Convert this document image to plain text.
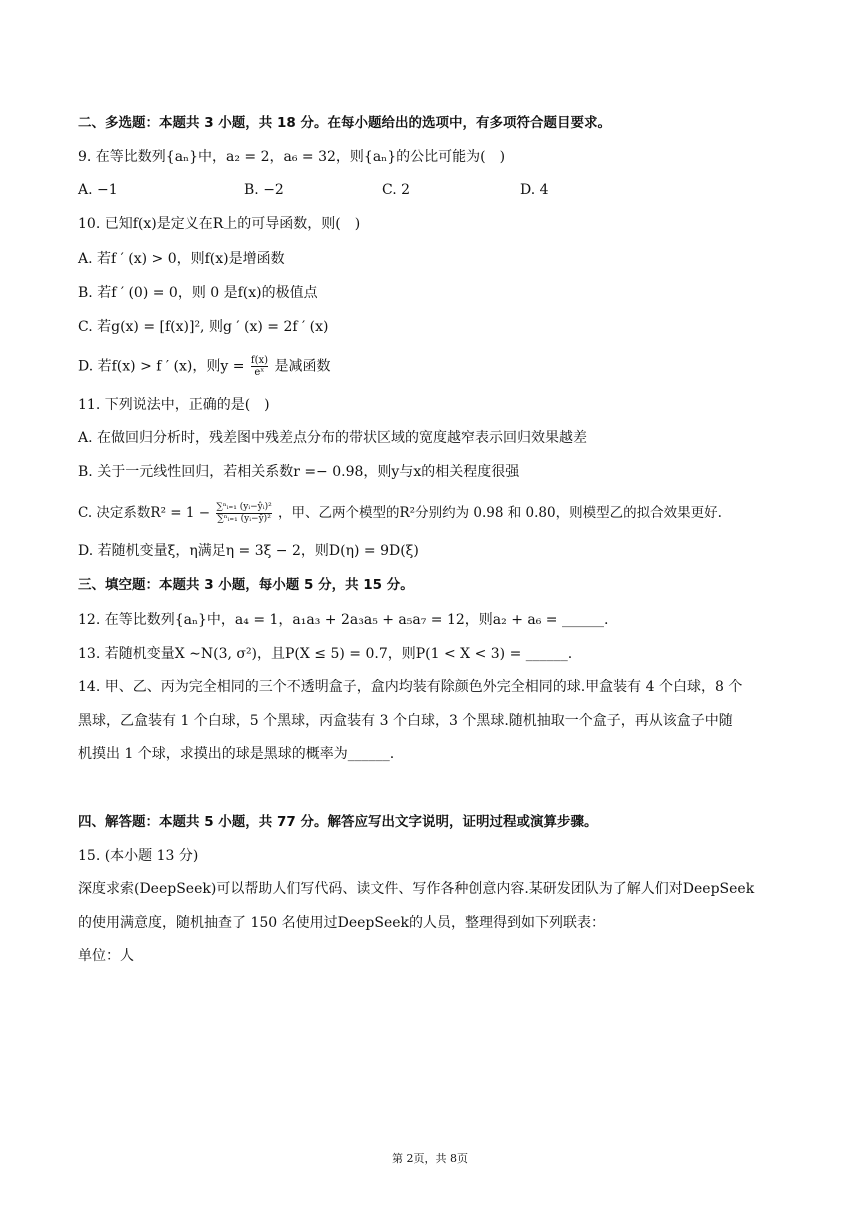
二、多选题：本题共 3 小题，共 18 分。在每小题给出的选项中，有多项符合题目要求。
9. 在等比数列{aₙ}中，a₂ = 2，a₆ = 32，则{aₙ}的公比可能为(　)
A. −1	B. −2	C. 2	D. 4
10. 已知f(x)是定义在R上的可导函数，则(　)
A. 若f ′ (x) > 0，则f(x)是增函数
B. 若f ′ (0) = 0，则 0 是f(x)的极值点
C. 若g(x) = [f(x)]², 则g ′ (x) = 2f ′ (x)
D. 若f(x) > f ′ (x)，则$y = \frac{f(x)}{\text{eˣ}}$ 是减函数
11. 下列说法中，正确的是(　)
A. 在做回归分析时，残差图中残差点分布的带状区域的宽度越窄表示回归效果越差
B. 关于一元线性回归，若相关系数r =− 0.98，则y与x的相关程度很强
C. 决定系数$R^2 = 1 - \frac{\text{∑ⁿᵢ₌₁ (yᵢ−ŷᵢ)²}}{\text{∑ⁿᵢ₌₁ (yᵢ−ȳ)²}}$ ，甲、乙两个模型的R²分别约为 0.98 和 0.80，则模型乙的拟合效果更好.
D. 若随机变量ξ，η满足η = 3ξ − 2，则D(η) = 9D(ξ)
三、填空题：本题共 3 小题，每小题 5 分，共 15 分。
12. 在等比数列{aₙ}中，a₄ = 1，a₁a₃ + 2a₃a₅ + a₅a₇ = 12，则a₂ + a₆ = ______.
13. 若随机变量X ∼N(3, σ²)，且P(X ≤ 5) = 0.7，则P(1 < X < 3) = ______.
14. 甲、乙、丙为完全相同的三个不透明盒子，盒内均装有除颜色外完全相同的球.甲盒装有 4 个白球，8 个
黑球，乙盒装有 1 个白球，5 个黑球，丙盒装有 3 个白球，3 个黑球.随机抽取一个盒子，再从该盒子中随
机摸出 1 个球，求摸出的球是黑球的概率为______.
四、解答题：本题共 5 小题，共 77 分。解答应写出文字说明，证明过程或演算步骤。
15. (本小题 13 分)
深度求索(DeepSeek)可以帮助人们写代码、读文件、写作各种创意内容.某研发团队为了解人们对DeepSeek
的使用满意度，随机抽查了 150 名使用过DeepSeek的人员，整理得到如下列联表：
单位：人
第 2页，共 8页
